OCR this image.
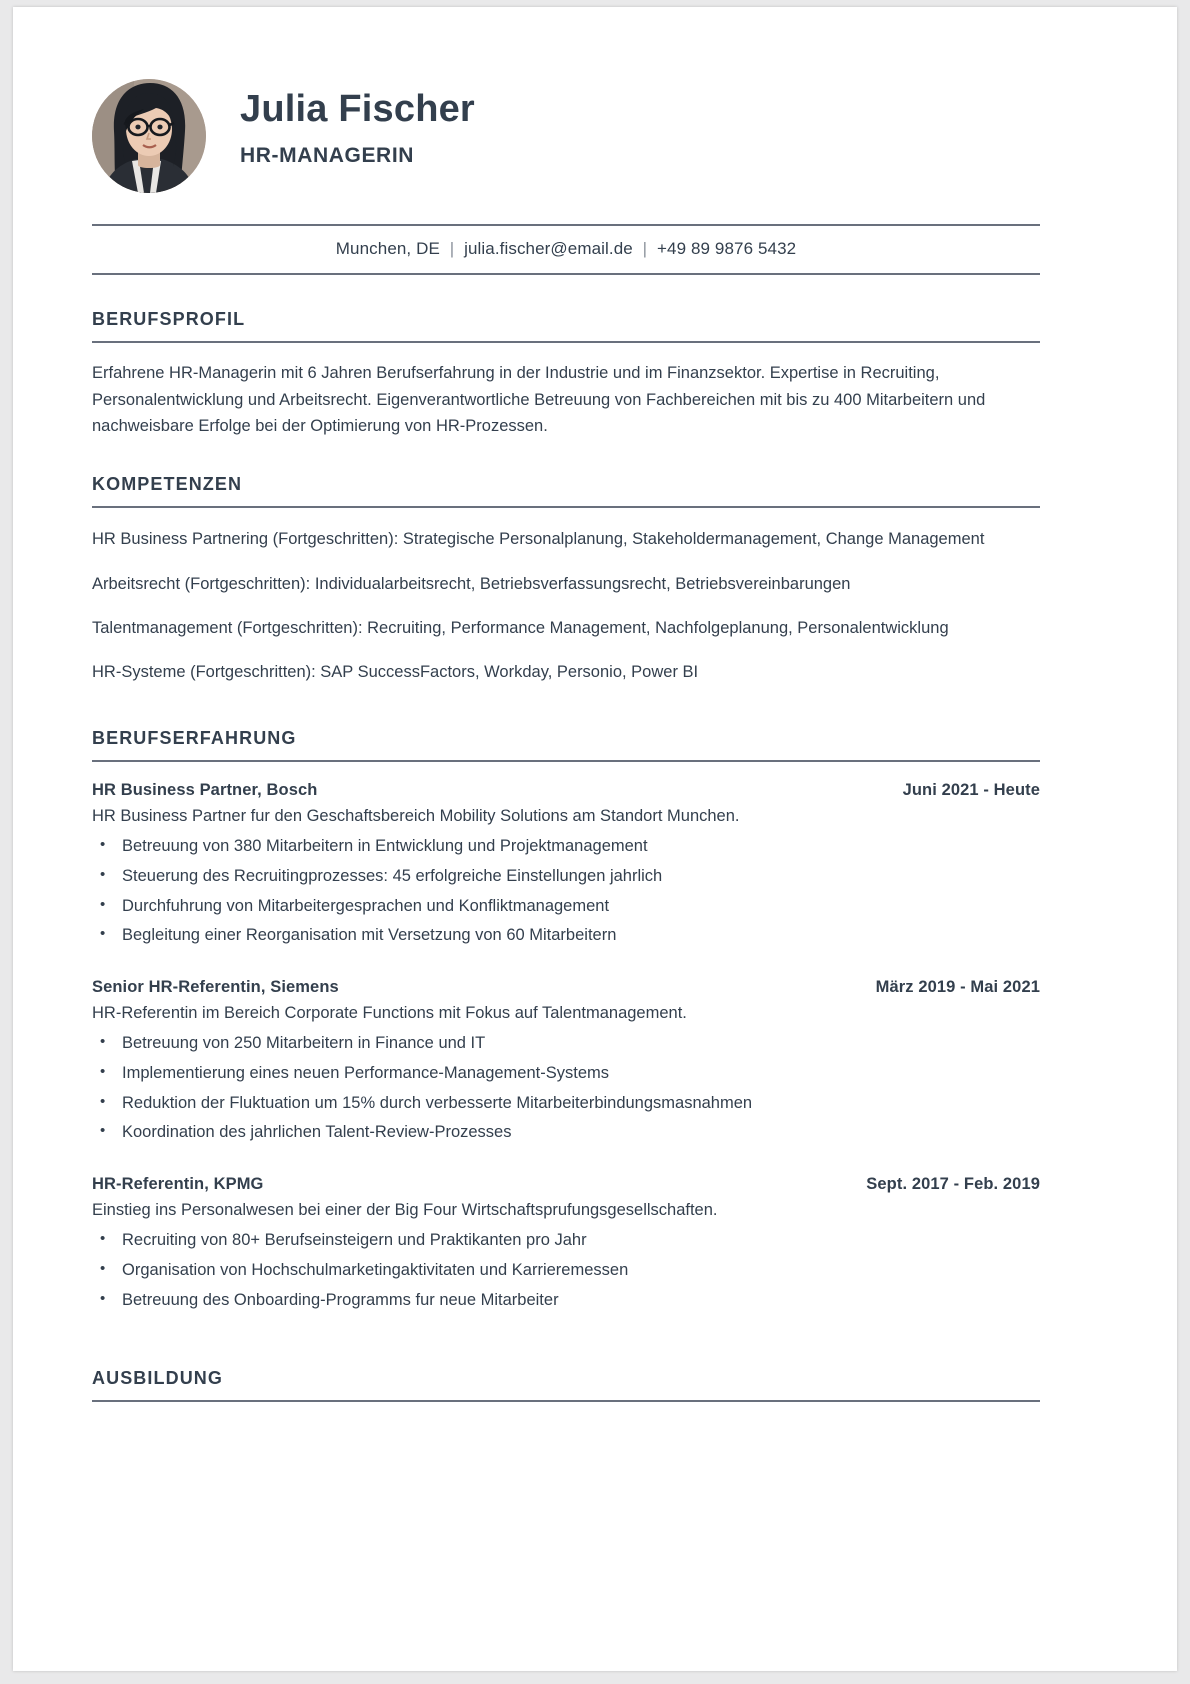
Julia Fischer
HR-MANAGERIN
Munchen, DE | julia.fischer@email.de | +49 89 9876 5432
BERUFSPROFIL

Erfahrene HR-Managerin mit 6 Jahren Berufserfahrung in der Industrie und im Finanzsektor. Expertise in Recruiting, Personalentwicklung und Arbeitsrecht. Eigenverantwortliche Betreuung von Fachbereichen mit bis zu 400 Mitarbeitern und nachweisbare Erfolge bei der Optimierung von HR-Prozessen.

KOMPETENZEN

HR Business Partnering (Fortgeschritten): Strategische Personalplanung, Stakeholdermanagement, Change Management

Arbeitsrecht (Fortgeschritten): Individualarbeitsrecht, Betriebsverfassungsrecht, Betriebsvereinbarungen

Talentmanagement (Fortgeschritten): Recruiting, Performance Management, Nachfolgeplanung, Personalentwicklung

HR-Systeme (Fortgeschritten): SAP SuccessFactors, Workday, Personio, Power BI

BERUFSERFAHRUNG
HR Business Partner, Bosch	Juni 2021 - Heute
HR Business Partner fur den Geschaftsbereich Mobility Solutions am Standort Munchen.
• Betreuung von 380 Mitarbeitern in Entwicklung und Projektmanagement
• Steuerung des Recruitingprozesses: 45 erfolgreiche Einstellungen jahrlich
• Durchfuhrung von Mitarbeitergesprachen und Konfliktmanagement
• Begleitung einer Reorganisation mit Versetzung von 60 Mitarbeitern
Senior HR-Referentin, Siemens	März 2019 - Mai 2021
HR-Referentin im Bereich Corporate Functions mit Fokus auf Talentmanagement.
• Betreuung von 250 Mitarbeitern in Finance und IT
• Implementierung eines neuen Performance-Management-Systems
• Reduktion der Fluktuation um 15% durch verbesserte Mitarbeiterbindungsmasnahmen
• Koordination des jahrlichen Talent-Review-Prozesses
HR-Referentin, KPMG	Sept. 2017 - Feb. 2019
Einstieg ins Personalwesen bei einer der Big Four Wirtschaftsprufungsgesellschaften.
• Recruiting von 80+ Berufseinsteigern und Praktikanten pro Jahr
• Organisation von Hochschulmarketingaktivitaten und Karrieremessen
• Betreuung des Onboarding-Programms fur neue Mitarbeiter
AUSBILDUNG
